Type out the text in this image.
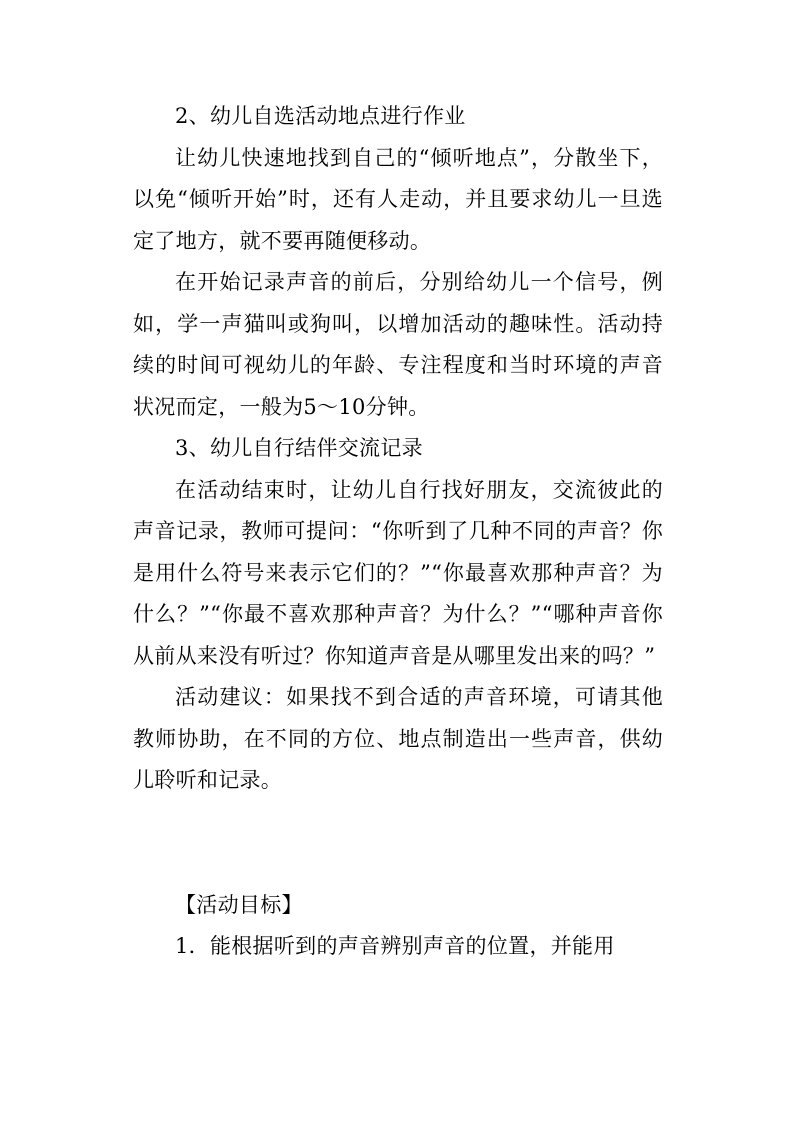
2、幼儿自选活动地点进行作业

让幼儿快速地找到自己的“倾听地点”，分散坐下，以免“倾听开始”时，还有人走动，并且要求幼儿一旦选定了地方，就不要再随便移动。

在开始记录声音的前后，分别给幼儿一个信号，例如，学一声猫叫或狗叫，以增加活动的趣味性。活动持续的时间可视幼儿的年龄、专注程度和当时环境的声音状况而定，一般为5～10分钟。

3、幼儿自行结伴交流记录

在活动结束时，让幼儿自行找好朋友，交流彼此的声音记录，教师可提问：“你听到了几种不同的声音？你是用什么符号来表示它们的？”“你最喜欢那种声音？为什么？”“你最不喜欢那种声音？为什么？”“哪种声音你从前从来没有听过？你知道声音是从哪里发出来的吗？”

活动建议：如果找不到合适的声音环境，可请其他教师协助，在不同的方位、地点制造出一些声音，供幼儿聆听和记录。

【活动目标】

1．能根据听到的声音辨别声音的位置，并能用
